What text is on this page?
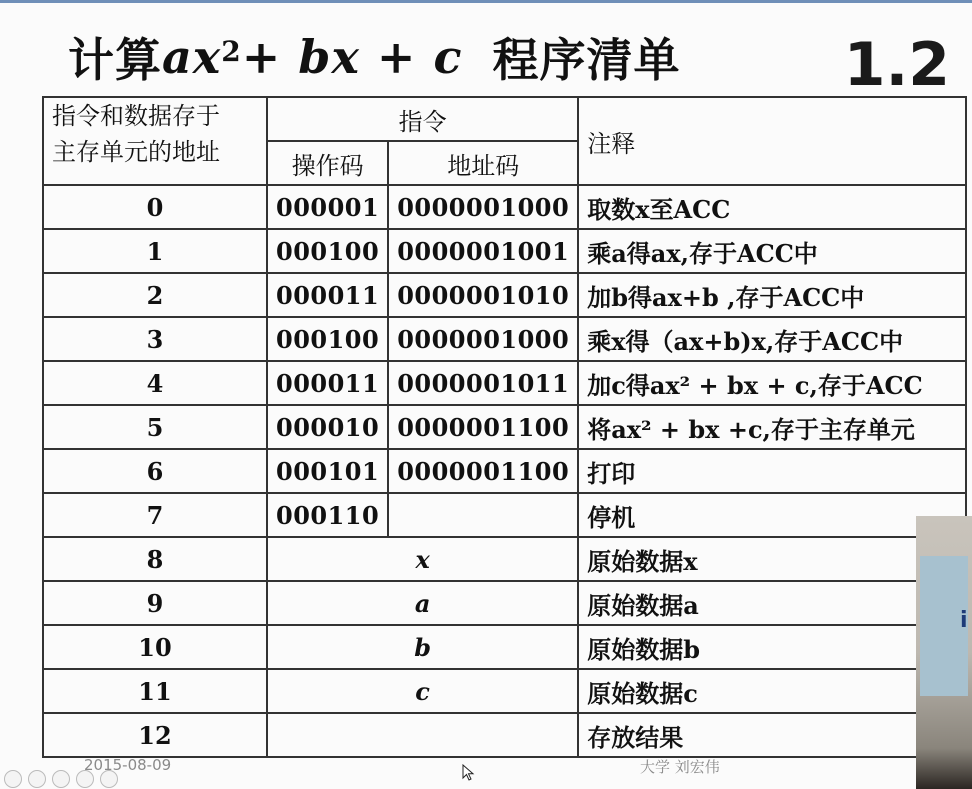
计算 $ax^2$ + bx + c 程序清单	1.2
指令和数据存于
主存单元的地址	指令		注释
	操作码	地址码	
0	000001	0000001000	取数x至ACC
1	000100	0000001001	乘a得ax,存于ACC中
2	000011	0000001010	加b得ax+b ,存于ACC中
3	000100	0000001000	乘x得（ax+b)x,存于ACC中
4	000011	0000001011	加c得ax² + bx + c,存于ACC
5	000010	0000001100	将ax² + bx +c,存于主存单元
6	000101	0000001100	打印
7	000110		停机
8	x		原始数据x
9	a		原始数据a
10	b		原始数据b
11	c		原始数据c
12			存放结果
i
2015-08-09	大学 刘宏伟
